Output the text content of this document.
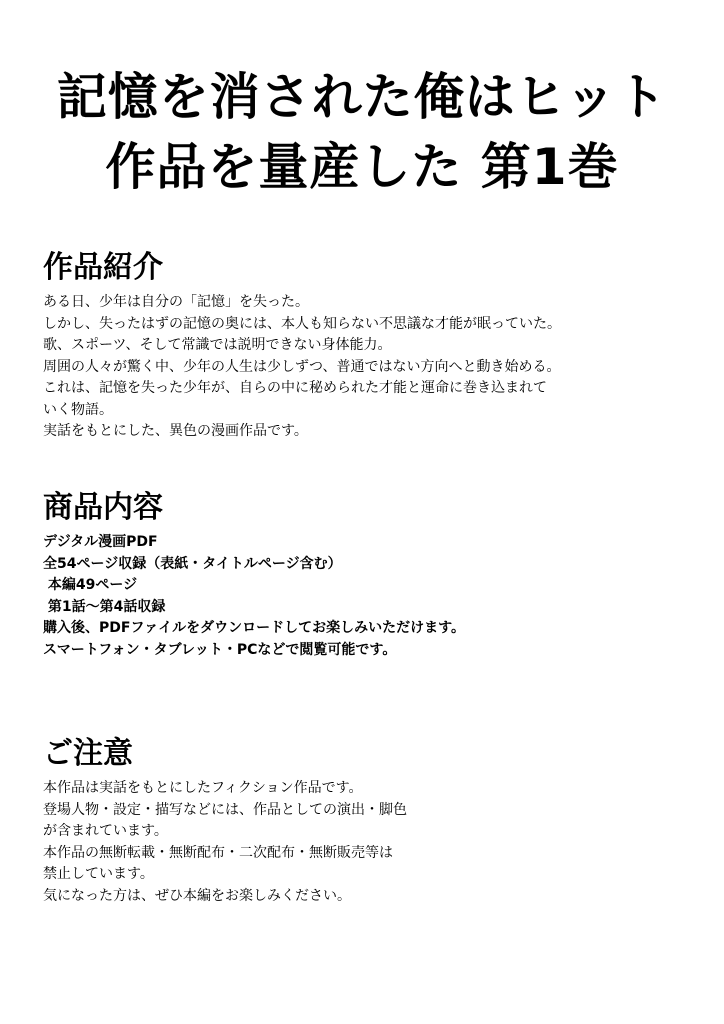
記憶を消された俺はヒット
作品を量産した 第1巻
作品紹介
ある日、少年は自分の「記憶」を失った。
しかし、失ったはずの記憶の奥には、本人も知らない不思議な才能が眠っていた。
歌、スポーツ、そして常識では説明できない身体能力。
周囲の人々が驚く中、少年の人生は少しずつ、普通ではない方向へと動き始める。
これは、記憶を失った少年が、自らの中に秘められた才能と運命に巻き込まれて
いく物語。
実話をもとにした、異色の漫画作品です。
商品内容
デジタル漫画PDF
全54ページ収録（表紙・タイトルページ含む）
本編49ページ
第1話〜第4話収録
購入後、PDFファイルをダウンロードしてお楽しみいただけます。
スマートフォン・タブレット・PCなどで閲覧可能です。
ご注意
本作品は実話をもとにしたフィクション作品です。
登場人物・設定・描写などには、作品としての演出・脚色
が含まれています。
本作品の無断転載・無断配布・二次配布・無断販売等は
禁止しています。
気になった方は、ぜひ本編をお楽しみください。
